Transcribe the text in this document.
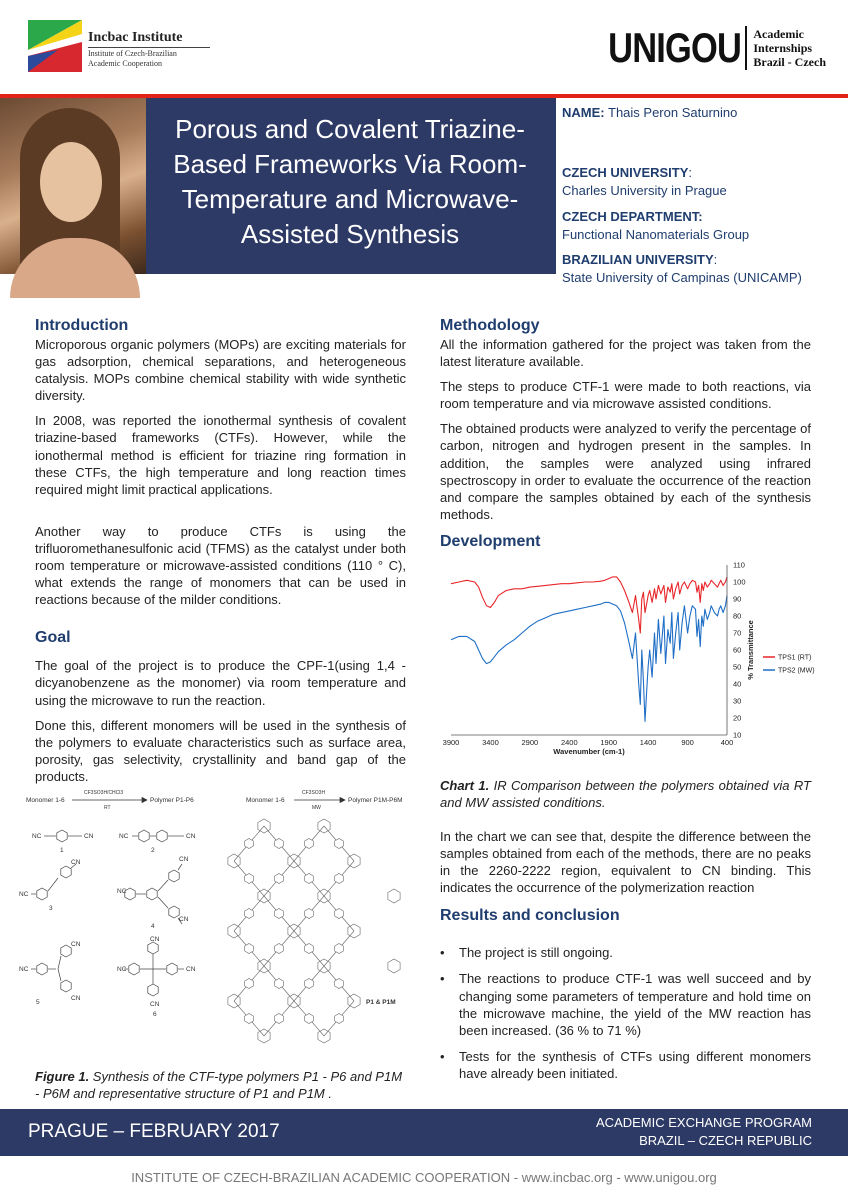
Incbac Institute
Institute of Czech-Brazilian
Academic Cooperation	UNIGOU Academic
Internships
Brazil - Czech
Porous and Covalent Triazine-
Based Frameworks Via Room-
Temperature and Microwave-
Assisted Synthesis
NAME: Thais Peron Saturnino
CZECH UNIVERSITY:
Charles University in Prague
CZECH DEPARTMENT:
Functional Nanomaterials Group
BRAZILIAN UNIVERSITY:
State University of Campinas (UNICAMP)
Introduction

Microporous organic polymers (MOPs) are exciting materials for gas adsorption, chemical separations, and heterogeneous catalysis. MOPs combine chemical stability with wide synthetic diversity.

In 2008, was reported the ionothermal synthesis of covalent triazine-based frameworks (CTFs). However, while the ionothermal method is efficient for triazine ring formation in these CTFs, the high temperature and long reaction times required might limit practical applications.

Another way to produce CTFs is using the trifluoromethanesulfonic acid (TFMS) as the catalyst under both room temperature or microwave-assisted conditions (110 ° C), what extends the range of monomers that can be used in reactions because of the milder conditions.

Goal

The goal of the project is to produce the CPF-1(using 1,4 - dicyanobenzene as the monomer) via room temperature and using the microwave to run the reaction.

Done this, different monomers will be used in the synthesis of the polymers to evaluate characteristics such as surface area, porosity, gas selectivity, crystallinity and band gap of the products.

Monomer 1-6
CF3SO3H/CHCl3
RT
Polymer P1-P6	Monomer 1-6
CF3SO3H
MW
Polymer P1M-P6M
NC	CN
1
NC	CN
2
NC
CN
3
NC
CN
CN
4
NC
CN
CN
5
NC
CN
CN
CN
6
P1 & P1M
Figure 1. Synthesis of the CTF-type polymers P1 - P6 and P1M - P6M and representative structure of P1 and P1M .
Methodology

All the information gathered for the project was taken from the latest literature available.

The steps to produce CTF-1 were made to both reactions, via room temperature and via microwave assisted conditions.

The obtained products were analyzed to verify the percentage of carbon, nitrogen and hydrogen present in the samples. In addition, the samples were analyzed using infrared spectroscopy in order to evaluate the occurrence of the reaction and compare the samples obtained by each of the synthesis methods.

Development
3900	3400	2900	2400	1900	1400	900	400
10
20
30
40
50
60
70
80
90
100
110
Wavenumber (cm-1)
% Transmittance	TPS1 (RT)
TPS2 (MW)

Chart 1. IR Comparison between the polymers obtained via RT and MW assisted conditions.

In the chart we can see that, despite the difference between the samples obtained from each of the methods, there are no peaks in the 2260-2222 region, equivalent to CN binding. This indicates the occurrence of the polymerization reaction

Results and conclusion
• The project is still ongoing.
• The reactions to produce CTF-1 was well succeed and by changing some parameters of temperature and hold time on the microwave machine, the yield of the MW reaction has been increased. (36 % to 71 %)
• Tests for the synthesis of CTFs using different monomers have already been initiated.
PRAGUE – FEBRUARY 2017	ACADEMIC EXCHANGE PROGRAM
BRAZIL – CZECH REPUBLIC
INSTITUTE OF CZECH-BRAZILIAN ACADEMIC COOPERATION - www.incbac.org - www.unigou.org
